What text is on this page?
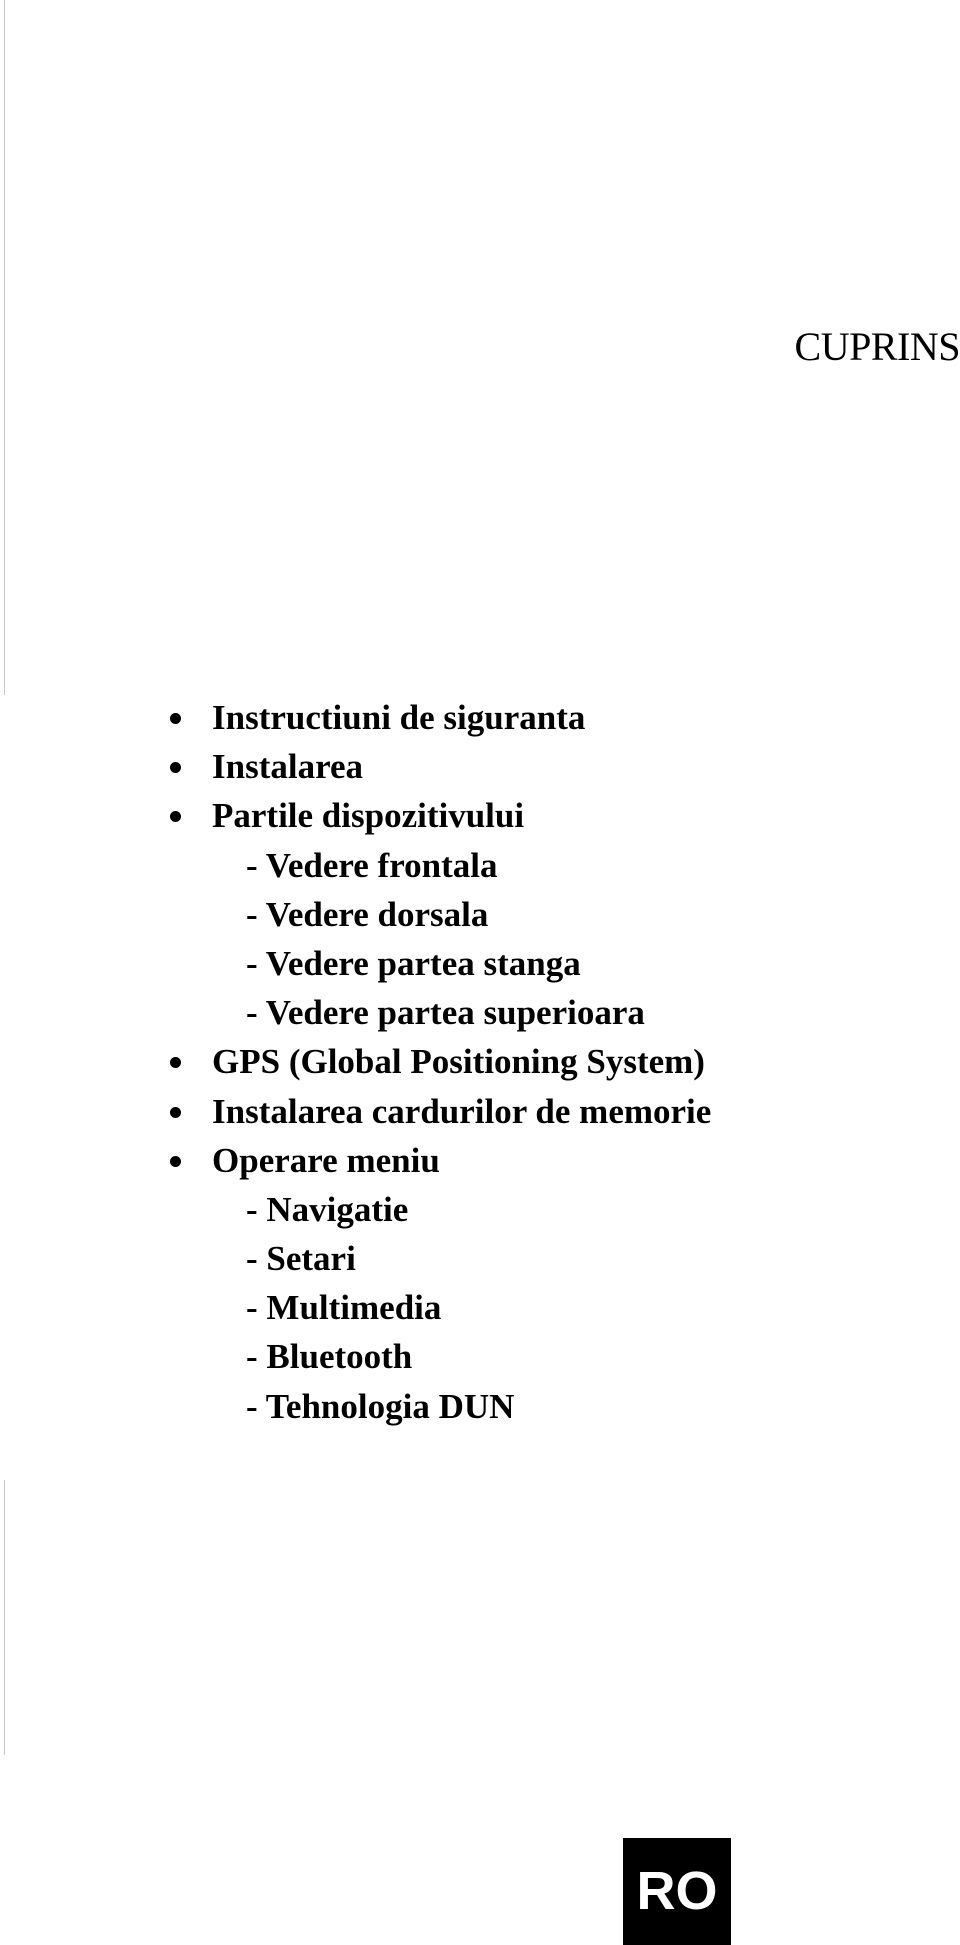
CUPRINS
Instructiuni de siguranta
Instalarea
Partile dispozitivului
- Vedere frontala
- Vedere dorsala
- Vedere partea stanga
- Vedere partea superioara
GPS (Global Positioning System)
Instalarea cardurilor de memorie
Operare meniu
- Navigatie
- Setari
- Multimedia
- Bluetooth
- Tehnologia DUN
RO
